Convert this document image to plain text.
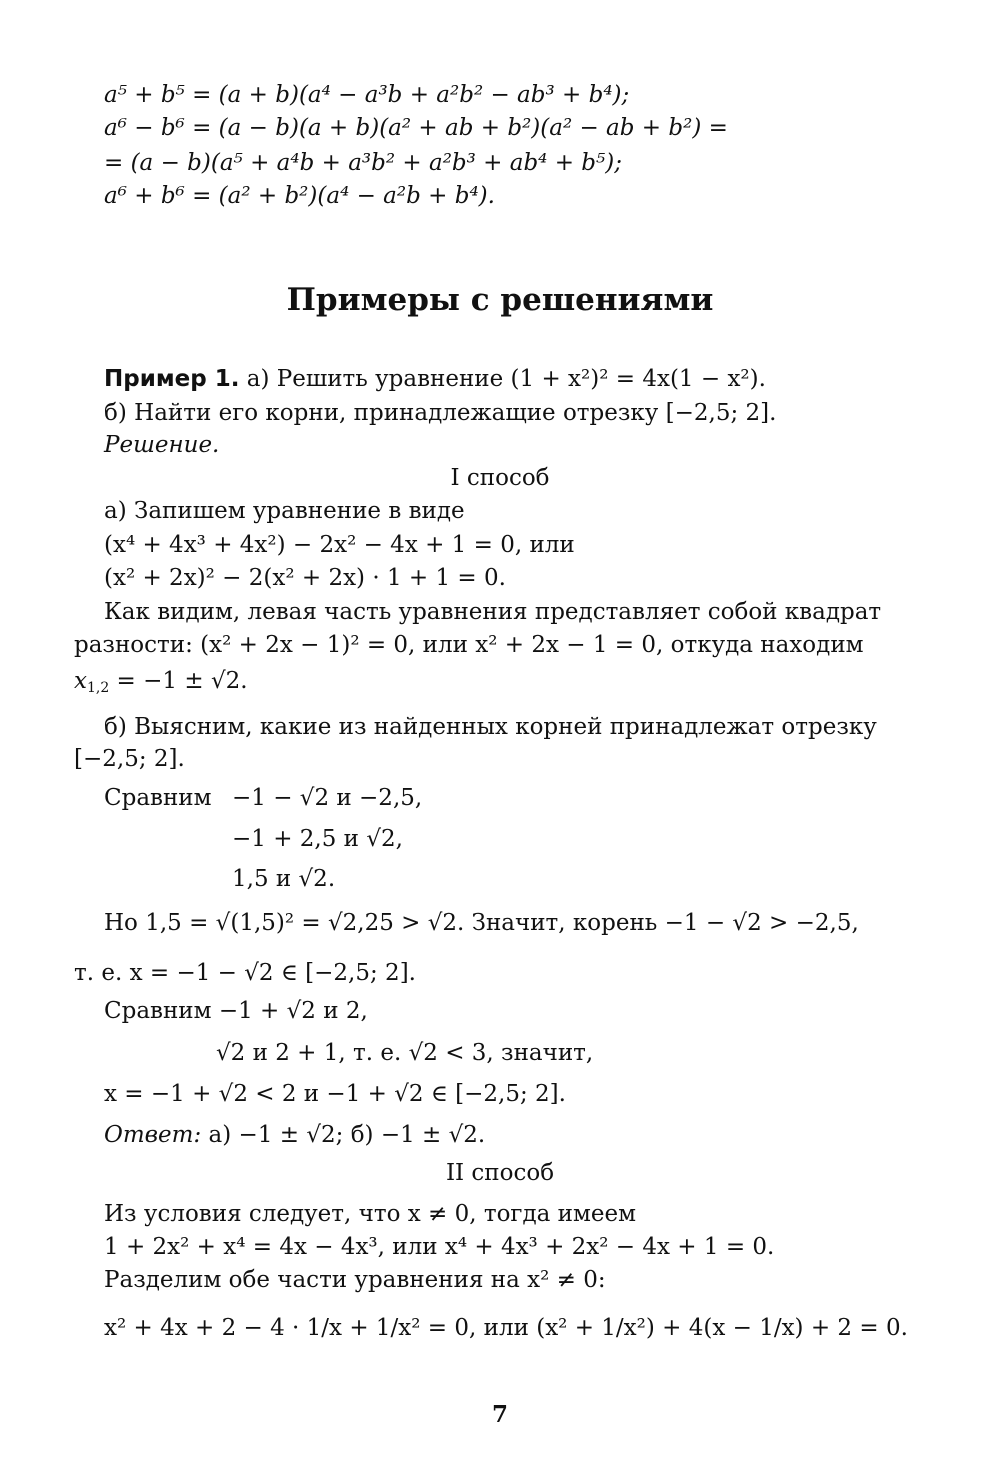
a⁵ + b⁵ = (a + b)(a⁴ − a³b + a²b² − ab³ + b⁴);
a⁶ − b⁶ = (a − b)(a + b)(a² + ab + b²)(a² − ab + b²) =
= (a − b)(a⁵ + a⁴b + a³b² + a²b³ + ab⁴ + b⁵);
a⁶ + b⁶ = (a² + b²)(a⁴ − a²b + b⁴).
Примеры с решениями
Пример 1. а) Решить уравнение (1 + x²)² = 4x(1 − x²).
б) Найти его корни, принадлежащие отрезку [−2,5; 2].
Решение.
I способ
а) Запишем уравнение в виде
(x⁴ + 4x³ + 4x²) − 2x² − 4x + 1 = 0, или
(x² + 2x)² − 2(x² + 2x) · 1 + 1 = 0.
Как видим, левая часть уравнения представляет собой квадрат
разности: (x² + 2x − 1)² = 0, или x² + 2x − 1 = 0, откуда находим
$x_{1,2} = -1 \pm √2$.
б) Выясним, какие из найденных корней принадлежат отрезку
[−2,5; 2].
Сравним −1 − √2 и −2,5,
−1 + 2,5 и √2,
1,5 и √2.
Но 1,5 = √(1,5)² = √2,25 > √2. Значит, корень −1 − √2 > −2,5,
т. е. x = −1 − √2 ∈ [−2,5; 2].
Сравним −1 + √2 и 2,
√2 и 2 + 1, т. е. √2 < 3, значит,
x = −1 + √2 < 2 и −1 + √2 ∈ [−2,5; 2].
Ответ: а) −1 ± √2; б) −1 ± √2.
II способ
Из условия следует, что x ≠ 0, тогда имеем
1 + 2x² + x⁴ = 4x − 4x³, или x⁴ + 4x³ + 2x² − 4x + 1 = 0.
Разделим обе части уравнения на x² ≠ 0:
x² + 4x + 2 − 4 · 1/x + 1/x² = 0, или (x² + 1/x²) + 4(x − 1/x) + 2 = 0.
7
